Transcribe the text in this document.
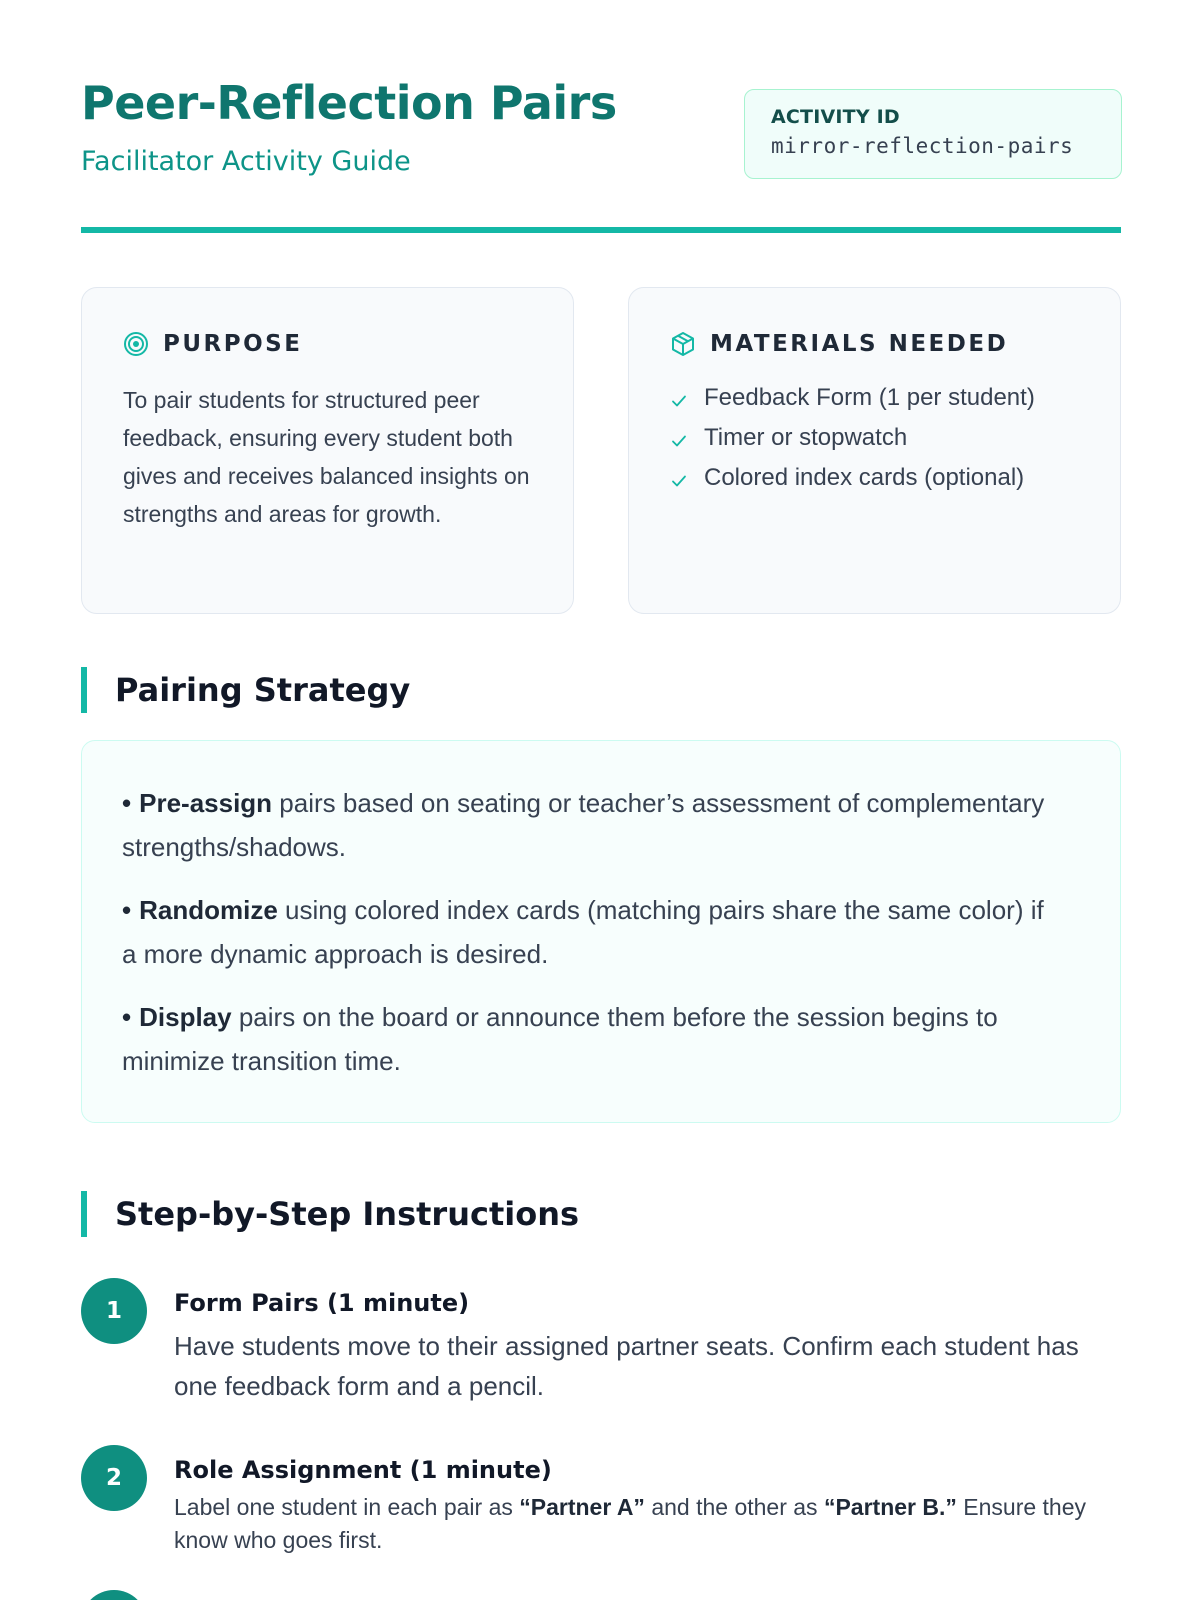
Peer-Reflection Pairs
Facilitator Activity Guide
ACTIVITY ID
mirror-reflection-pairs
PURPOSE

To pair students for structured peer feedback, ensuring every student both gives and receives balanced insights on strengths and areas for growth.

MATERIALS NEEDED
Feedback Form (1 per student)
Timer or stopwatch
Colored index cards (optional)
Pairing Strategy

• Pre-assign pairs based on seating or teacher’s assessment of complementary strengths/shadows.

• Randomize using colored index cards (matching pairs share the same color) if a more dynamic approach is desired.

• Display pairs on the board or announce them before the session begins to minimize transition time.

Step-by-Step Instructions
1	Form Pairs (1 minute)

Have students move to their assigned partner seats. Confirm each student has one feedback form and a pencil.

2	Role Assignment (1 minute)

Label one student in each pair as “Partner A” and the other as “Partner B.” Ensure they know who goes first.
